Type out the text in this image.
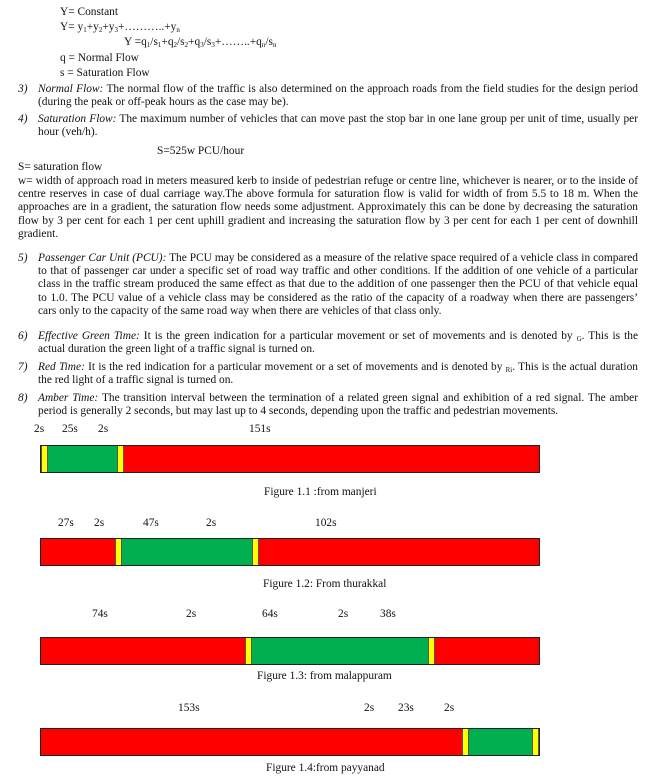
Y= Constant
$Y= y_1+y_2+y_3+\dots\dots\dots..+y_n$
$Y =q_1/s_1+q_2/s_2+q_3/s_3+\dots\dots..+q_n/s_n$
q = Normal Flow
s = Saturation Flow
3) Normal Flow: The normal flow of the traffic is also determined on the approach roads from the field studies for the design period (during the peak or off-peak hours as the case may be).
4) Saturation Flow: The maximum number of vehicles that can move past the stop bar in one lane group per unit of time, usually per hour (veh/h).
S=525w PCU/hour
S= saturation flow
w= width of approach road in meters measured kerb to inside of pedestrian refuge or centre line, whichever is nearer, or to the inside of centre reserves in case of dual carriage way.The above formula for saturation flow is valid for width of from 5.5 to 18 m. When the approaches are in a gradient, the saturation flow needs some adjustment. Approximately this can be done by decreasing the saturation flow by 3 per cent for each 1 per cent uphill gradient and increasing the saturation flow by 3 per cent for each 1 per cent of downhill gradient.
5) Passenger Car Unit (PCU): The PCU may be considered as a measure of the relative space required of a vehicle class in compared to that of passenger car under a specific set of road way traffic and other conditions. If the addition of one vehicle of a particular class in the traffic stream produced the same effect as that due to the addition of one passenger then the PCU of that vehicle equal to 1.0. The PCU value of a vehicle class may be considered as the ratio of the capacity of a roadway when there are passengers’ cars only to the capacity of the same road way when there are vehicles of that class only.
6) Effective Green Time: It is the green indication for a particular movement or set of movements and is denoted by $_G$. This is the actual duration the green light of a traffic signal is turned on.
7) Red Time: It is the red indication for a particular movement or a set of movements and is denoted by $_{Ri}$. This is the actual duration the red light of a traffic signal is turned on.
8) Amber Time: The transition interval between the termination of a related green signal and exhibition of a red signal. The amber period is generally 2 seconds, but may last up to 4 seconds, depending upon the traffic and pedestrian movements.
2s 25s 2s	151s
Figure 1.1 :from manjeri
27s 2s	47s	2s	102s
Figure 1.2: From thurakkal
74s	2s	64s	2s	38s
Figure 1.3: from malappuram
153s	2s 23s	2s
Figure 1.4:from payyanad
